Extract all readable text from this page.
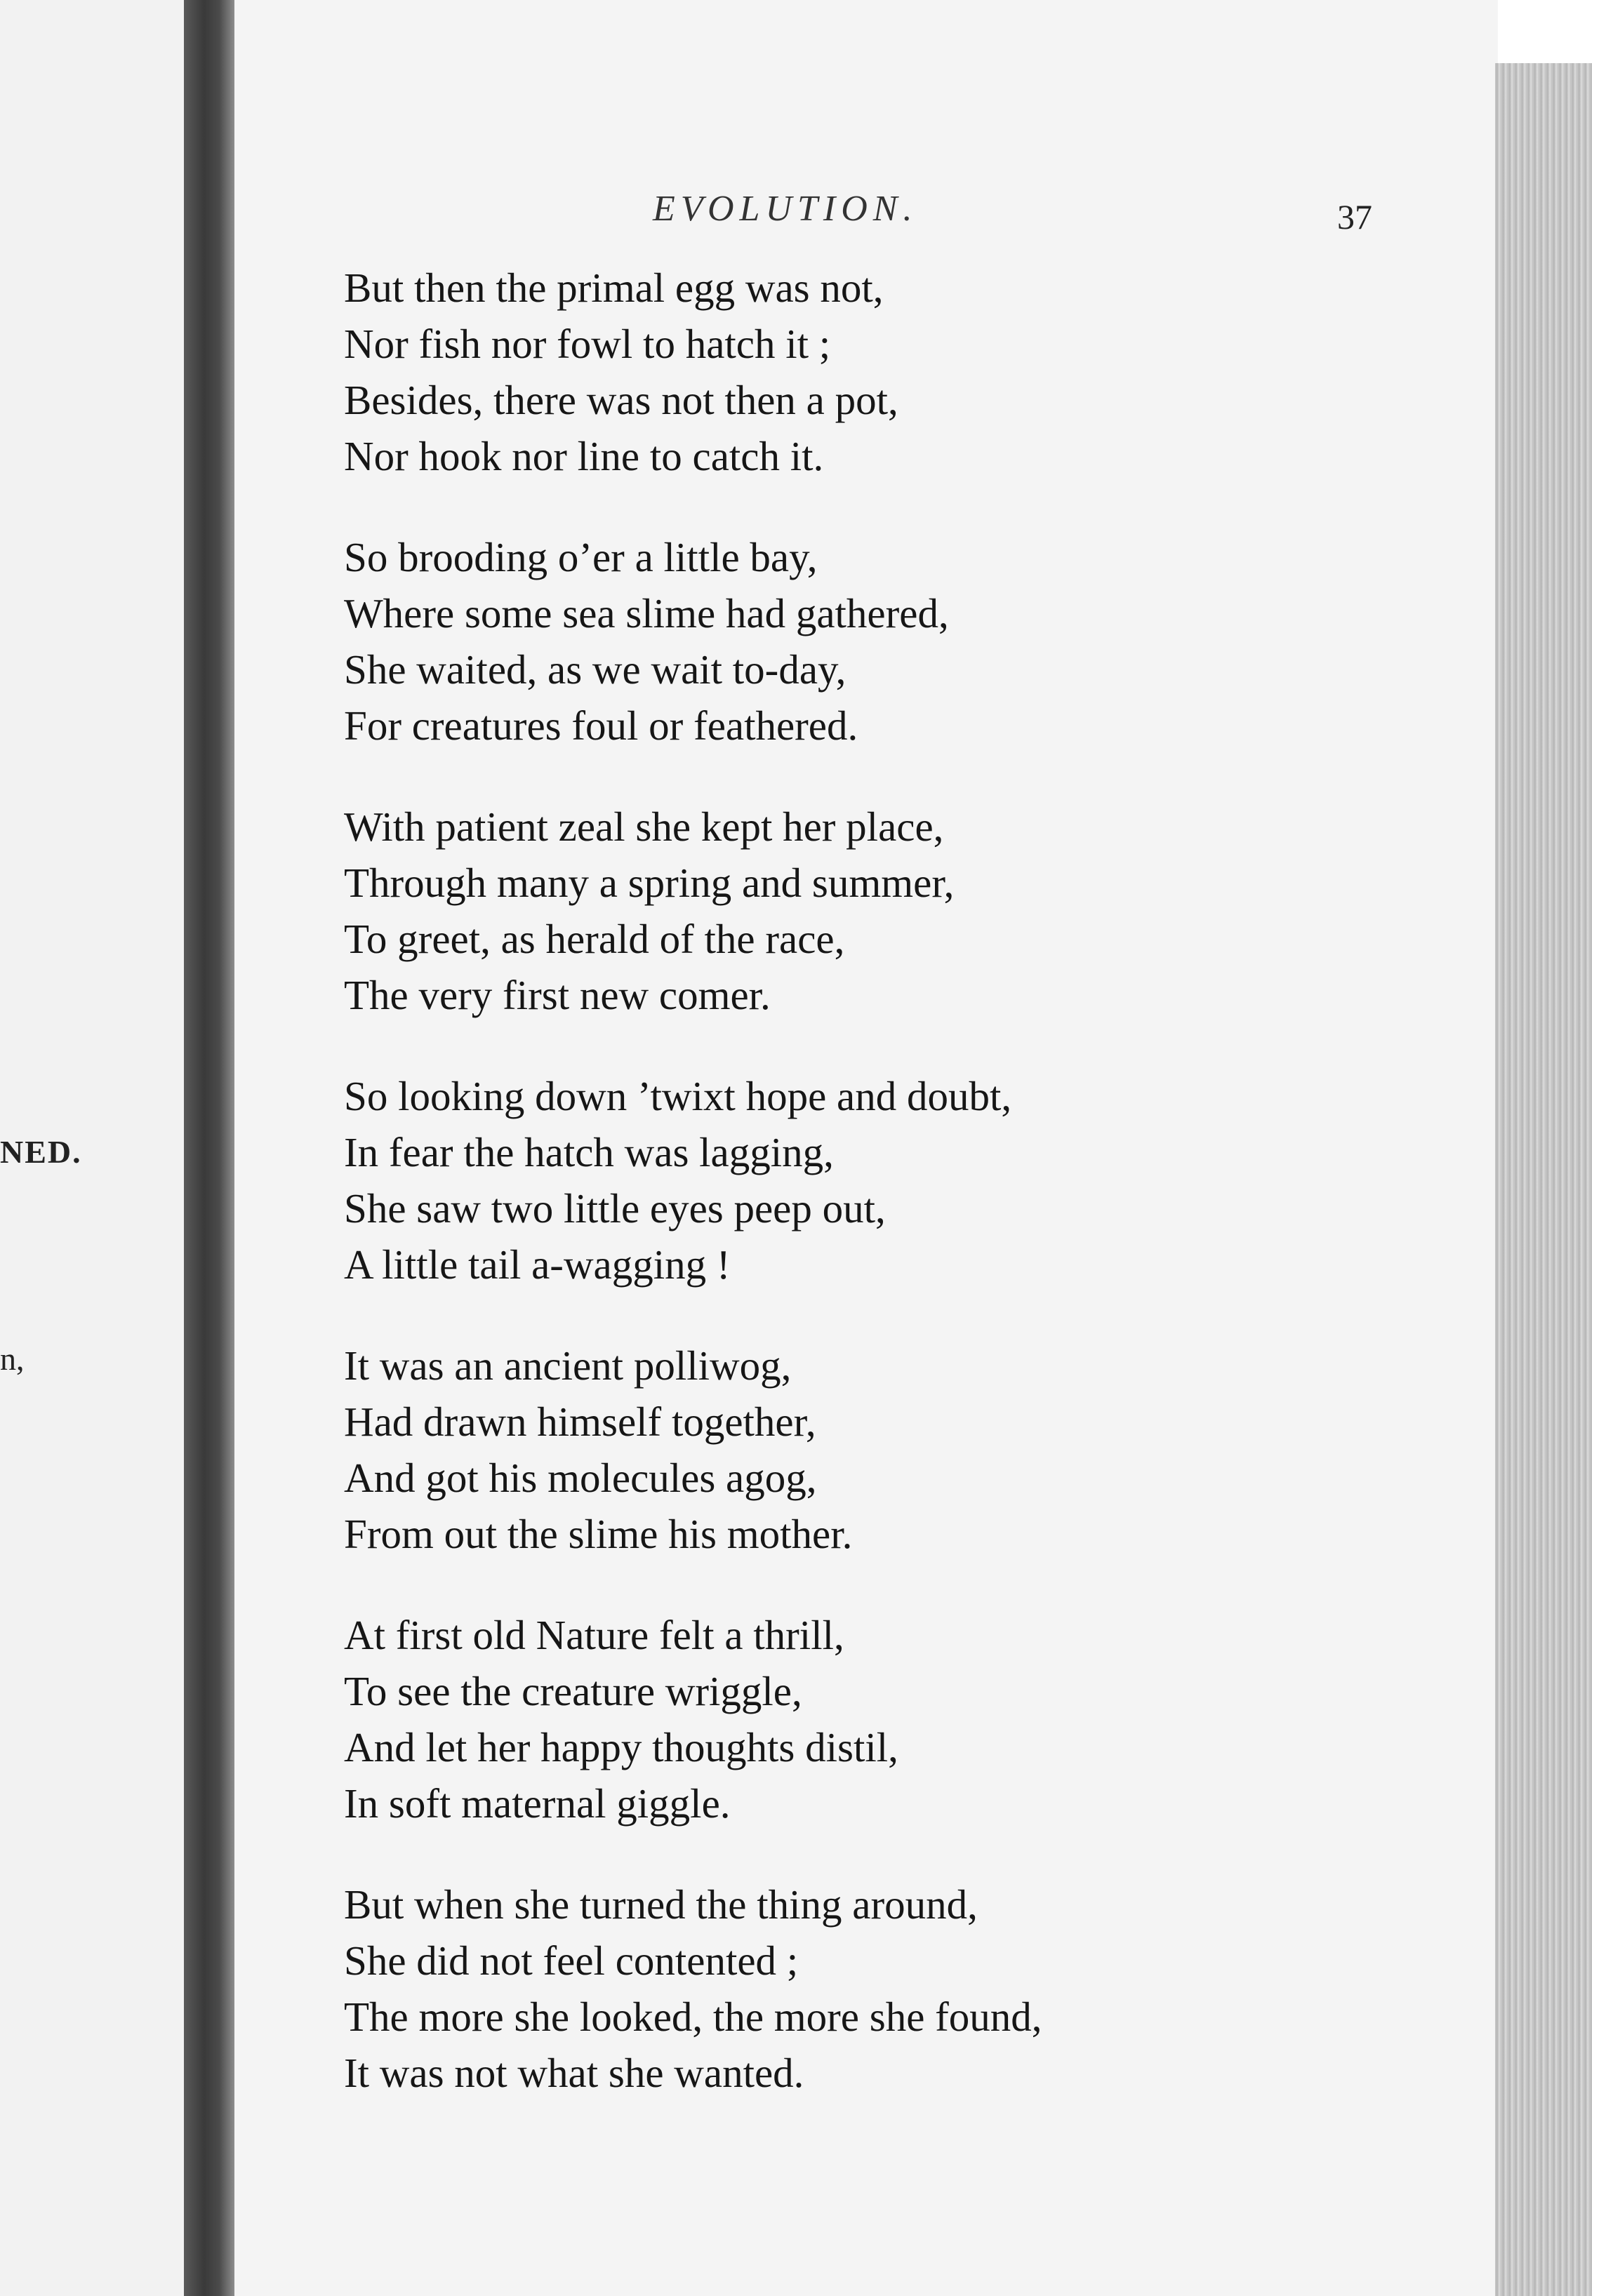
NED.
n,
EVOLUTION.	37

But then the primal egg was not,
Nor fish nor fowl to hatch it ;
Besides, there was not then a pot,
Nor hook nor line to catch it.

So brooding o’er a little bay,
Where some sea slime had gathered,
She waited, as we wait to-day,
For creatures foul or feathered.

With patient zeal she kept her place,
Through many a spring and summer,
To greet, as herald of the race,
The very first new comer.

So looking down ’twixt hope and doubt,
In fear the hatch was lagging,
She saw two little eyes peep out,
A little tail a-wagging !

It was an ancient polliwog,
Had drawn himself together,
And got his molecules agog,
From out the slime his mother.

At first old Nature felt a thrill,
To see the creature wriggle,
And let her happy thoughts distil,
In soft maternal giggle.

But when she turned the thing around,
She did not feel contented ;
The more she looked, the more she found,
It was not what she wanted.
